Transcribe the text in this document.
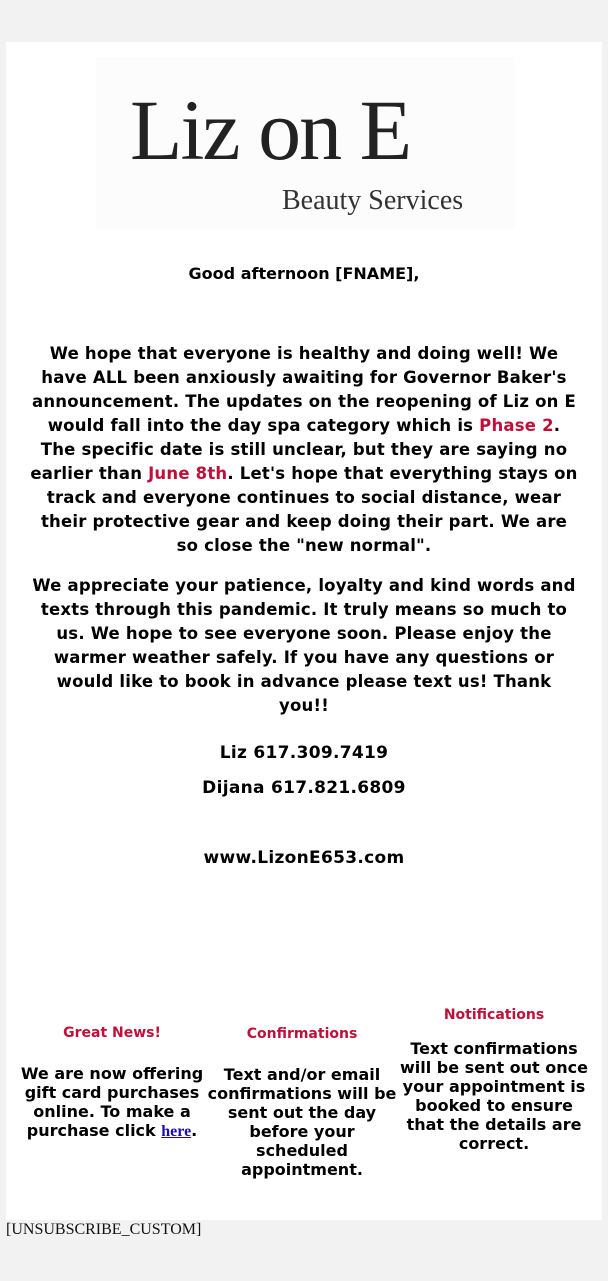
Liz on E
Beauty Services
Good afternoon [FNAME],
We hope that everyone is healthy and doing well! We have ALL been anxiously awaiting for Governor Baker's announcement. The updates on the reopening of Liz on E would fall into the day spa category which is Phase 2. The specific date is still unclear, but they are saying no earlier than June 8th. Let's hope that everything stays on track and everyone continues to social distance, wear their protective gear and keep doing their part. We are so close the "new normal".
We appreciate your patience, loyalty and kind words and texts through this pandemic. It truly means so much to us. We hope to see everyone soon. Please enjoy the warmer weather safely. If you have any questions or would like to book in advance please text us! Thank you!!
Liz 617.309.7419
Dijana 617.821.6809
www.LizonE653.com
Great News!
We are now offering gift card purchases online. To make a purchase click here.
Confirmations
Text and/or email confirmations will be sent out the day before your scheduled appointment.
Notifications
Text confirmations will be sent out once your appointment is booked to ensure that the details are correct.
[UNSUBSCRIBE_CUSTOM]
